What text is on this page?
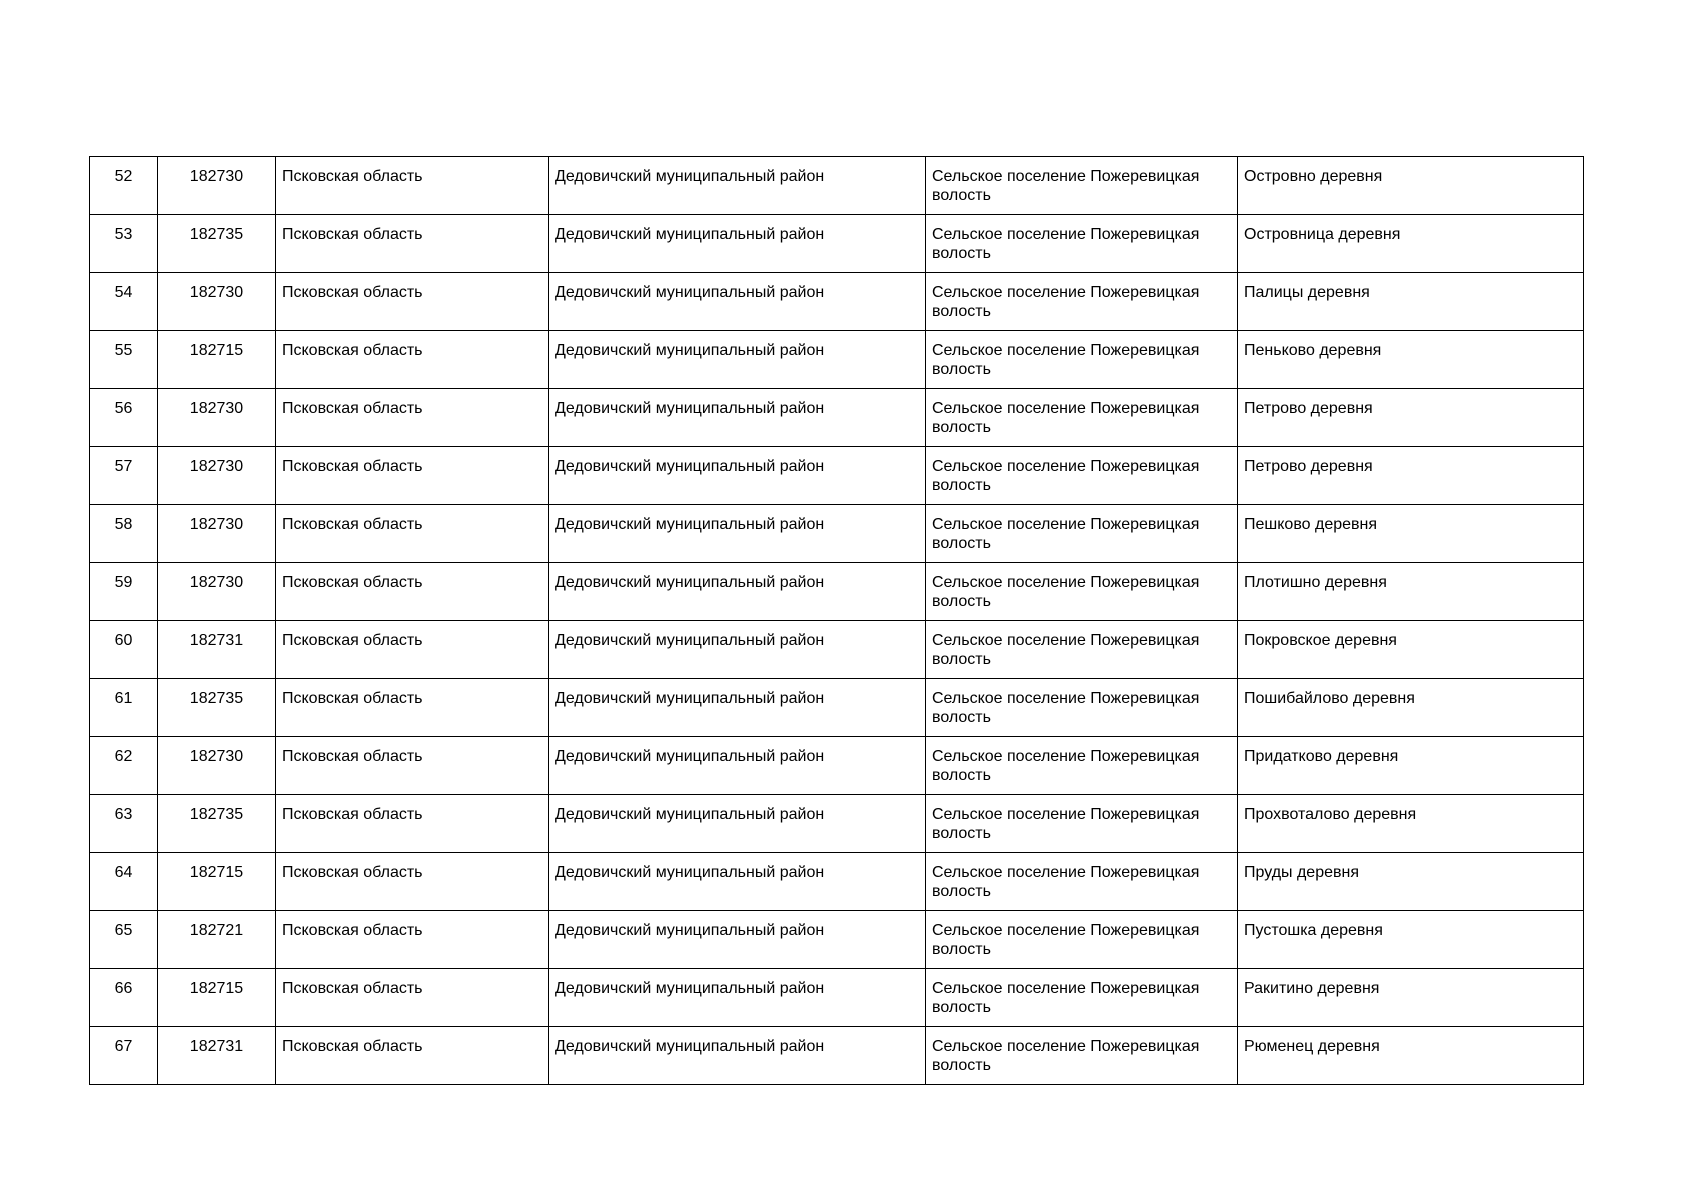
52	182730	Псковская область	Дедовичский муниципальный район	Сельское поселение Пожеревицкая волость	Островно деревня
53	182735	Псковская область	Дедовичский муниципальный район	Сельское поселение Пожеревицкая волость	Островница деревня
54	182730	Псковская область	Дедовичский муниципальный район	Сельское поселение Пожеревицкая волость	Палицы деревня
55	182715	Псковская область	Дедовичский муниципальный район	Сельское поселение Пожеревицкая волость	Пеньково деревня
56	182730	Псковская область	Дедовичский муниципальный район	Сельское поселение Пожеревицкая волость	Петрово деревня
57	182730	Псковская область	Дедовичский муниципальный район	Сельское поселение Пожеревицкая волость	Петрово деревня
58	182730	Псковская область	Дедовичский муниципальный район	Сельское поселение Пожеревицкая волость	Пешково деревня
59	182730	Псковская область	Дедовичский муниципальный район	Сельское поселение Пожеревицкая волость	Плотишно деревня
60	182731	Псковская область	Дедовичский муниципальный район	Сельское поселение Пожеревицкая волость	Покровское деревня
61	182735	Псковская область	Дедовичский муниципальный район	Сельское поселение Пожеревицкая волость	Пошибайлово деревня
62	182730	Псковская область	Дедовичский муниципальный район	Сельское поселение Пожеревицкая волость	Придатково деревня
63	182735	Псковская область	Дедовичский муниципальный район	Сельское поселение Пожеревицкая волость	Прохвоталово деревня
64	182715	Псковская область	Дедовичский муниципальный район	Сельское поселение Пожеревицкая волость	Пруды деревня
65	182721	Псковская область	Дедовичский муниципальный район	Сельское поселение Пожеревицкая волость	Пустошка деревня
66	182715	Псковская область	Дедовичский муниципальный район	Сельское поселение Пожеревицкая волость	Ракитино деревня
67	182731	Псковская область	Дедовичский муниципальный район	Сельское поселение Пожеревицкая волость	Рюменец деревня
